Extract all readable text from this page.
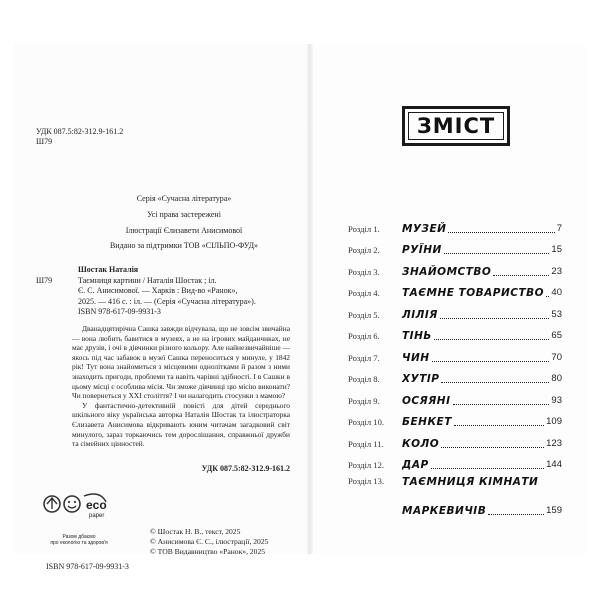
УДК 087.5:82-312.9-161.2
Ш79
Серія «Сучасна література»
Усі права застережені
Ілюстрації Єлизавети Анисимової
Видано за підтримки ТОВ «СІЛЬПО-ФУД»
Шостак Наталія
Ш79	Таємниця картини / Наталія Шостак ; іл.
Є. С. Анисимової. — Харків : Вид-во «Ранок»,
2025. — 416 с. : іл. — (Серія «Сучасна література»).
ISBN 978-617-09-9931-3

Дванадцятирічна Сашка завжди відчувала, що не зовсім звичайна — вона любить бавитися в музеях, а не на ігрових майданчиках, не має друзів, і очі в дівчинки різного кольору. Але найнезвичайніше — якось під час забавок в музеї Сашка переноситься у минуле, у 1842 рік! Тут вона знайомиться з місцевими однолітками й разом з ними знаходить пригоди, проблеми та навіть чарівні здібності. І в Сашки в цьому місці є особлива місія. Чи зможе дівчинці цю місію виконати? Чи повернеться у ХХІ століття? І чи налагодить стосунки з мамою?

У фантастично-детективній повісті для дітей середнього шкільного віку українська авторка Наталія Шостак та ілюстраторка Єлизавета Анисимова відкривають юним читачам загадковий світ минулого, зараз торкаючись тем дорослішання, справжньої дружби та сімейних цінностей.

УДК 087.5:82-312.9-161.2
eco
paper
Разом дбаємо
про екологію та здоров'я
ISBN 978-617-09-9931-3
© Шостак Н. В., текст, 2025
© Анисимова Є. С., ілюстрації, 2025
© ТОВ Видавництво «Ранок», 2025
ЗМІСТ
Розділ 1.	МУЗЕЙ	7
Розділ 2.	РУЇНИ	15
Розділ 3.	ЗНАЙОМСТВО	23
Розділ 4.	ТАЄМНЕ ТОВАРИСТВО 40
Розділ 5.	ЛІЛІЯ	53
Розділ 6.	ТІНЬ	65
Розділ 7.	ЧИН	70
Розділ 8.	ХУТІР	80
Розділ 9.	ОСЯЯНІ	93
Розділ 10.	БЕНКЕТ	109
Розділ 11.	КОЛО	123
Розділ 12.	ДАР	144
Розділ 13.	ТАЄМНИЦЯ КІМНАТИ
МАРКЕВИЧІВ	159
